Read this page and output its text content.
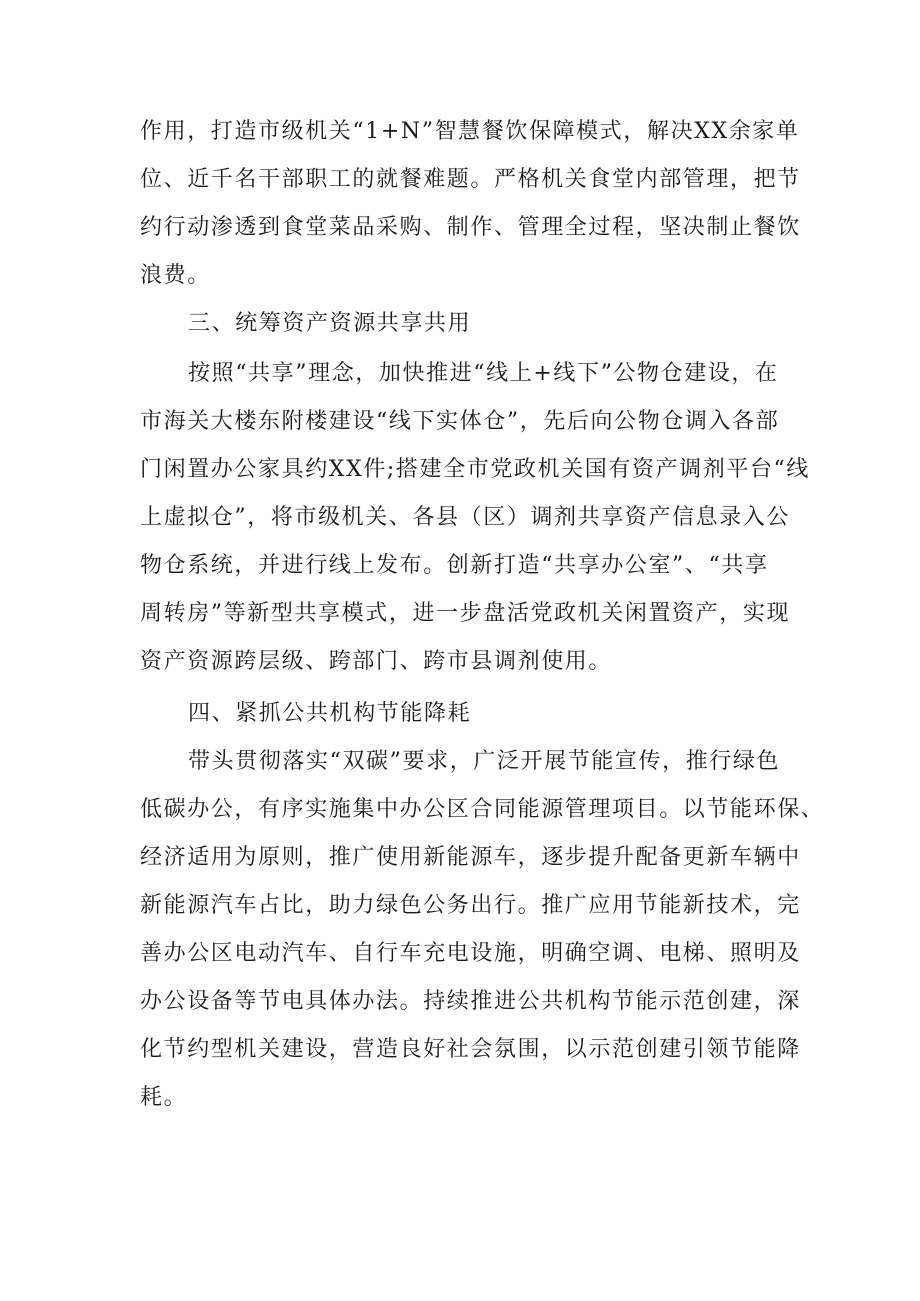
作用，打造市级机关“1+N”智慧餐饮保障模式，解决XX余家单
位、近千名干部职工的就餐难题。严格机关食堂内部管理，把节
约行动渗透到食堂菜品采购、制作、管理全过程，坚决制止餐饮
浪费。
三、统筹资产资源共享共用
按照“共享”理念，加快推进“线上+线下”公物仓建设，在
市海关大楼东附楼建设“线下实体仓”，先后向公物仓调入各部
门闲置办公家具约XX件;搭建全市党政机关国有资产调剂平台“线
上虚拟仓”，将市级机关、各县（区）调剂共享资产信息录入公
物仓系统，并进行线上发布。创新打造“共享办公室”、“共享
周转房”等新型共享模式，进一步盘活党政机关闲置资产，实现
资产资源跨层级、跨部门、跨市县调剂使用。
四、紧抓公共机构节能降耗
带头贯彻落实“双碳”要求，广泛开展节能宣传，推行绿色
低碳办公，有序实施集中办公区合同能源管理项目。以节能环保、
经济适用为原则，推广使用新能源车，逐步提升配备更新车辆中
新能源汽车占比，助力绿色公务出行。推广应用节能新技术，完
善办公区电动汽车、自行车充电设施，明确空调、电梯、照明及
办公设备等节电具体办法。持续推进公共机构节能示范创建，深
化节约型机关建设，营造良好社会氛围，以示范创建引领节能降
耗。
